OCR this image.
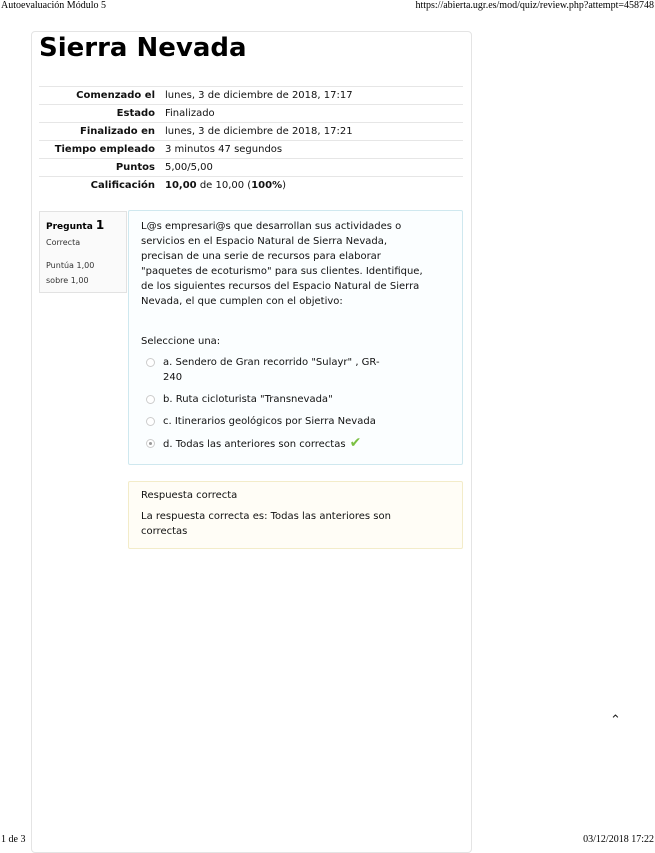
Autoevaluación Módulo 5	https://abierta.ugr.es/mod/quiz/review.php?attempt=458748
Sierra Nevada
Comenzado el	lunes, 3 de diciembre de 2018, 17:17
Estado	Finalizado
Finalizado en	lunes, 3 de diciembre de 2018, 17:21
Tiempo empleado	3 minutos 47 segundos
Puntos	5,00/5,00
Calificación	10,00 de 10,00 (100%)
Pregunta 1
Correcta
Puntúa 1,00 sobre 1,00
L@s empresari@s que desarrollan sus actividades o servicios en el Espacio Natural de Sierra Nevada, precisan de una serie de recursos para elaborar "paquetes de ecoturismo" para sus clientes. Identifique, de los siguientes recursos del Espacio Natural de Sierra Nevada, el que cumplen con el objetivo:
Seleccione una:
a. Sendero de Gran recorrido "Sulayr" , GR-240
b. Ruta cicloturista "Transnevada"
c. Itinerarios geológicos por Sierra Nevada
d. Todas las anteriores son correctas ✔
Respuesta correcta
La respuesta correcta es: Todas las anteriores son correctas
⌃
1 de 3	03/12/2018 17:22
